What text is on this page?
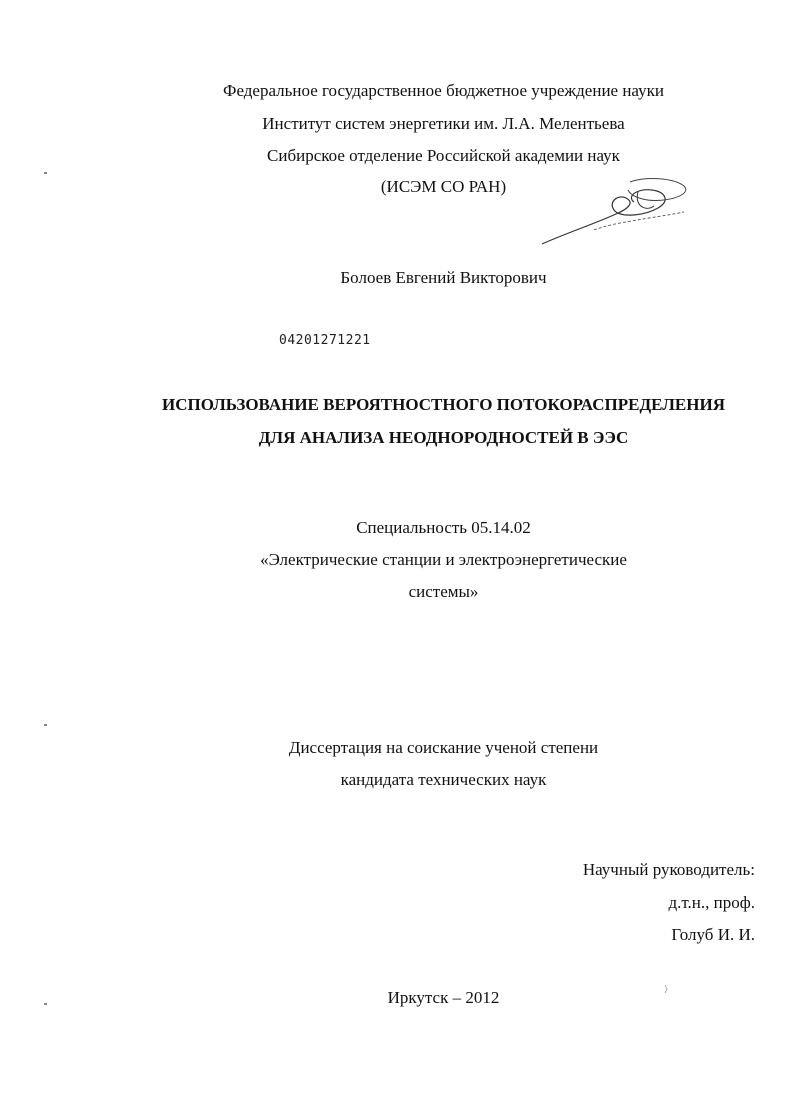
Федеральное государственное бюджетное учреждение науки
Институт систем энергетики им. Л.А. Мелентьева
Сибирское отделение Российской академии наук
(ИСЭМ СО РАН)
Болоев Евгений Викторович
04201271221
ИСПОЛЬЗОВАНИЕ ВЕРОЯТНОСТНОГО ПОТОКОРАСПРЕДЕЛЕНИЯ
ДЛЯ АНАЛИЗА НЕОДНОРОДНОСТЕЙ В ЭЭС
Специальность 05.14.02
«Электрические станции и электроэнергетические
системы»
Диссертация на соискание ученой степени
кандидата технических наук
Научный руководитель:
д.т.н., проф.
Голуб И. И.
Иркутск – 2012
